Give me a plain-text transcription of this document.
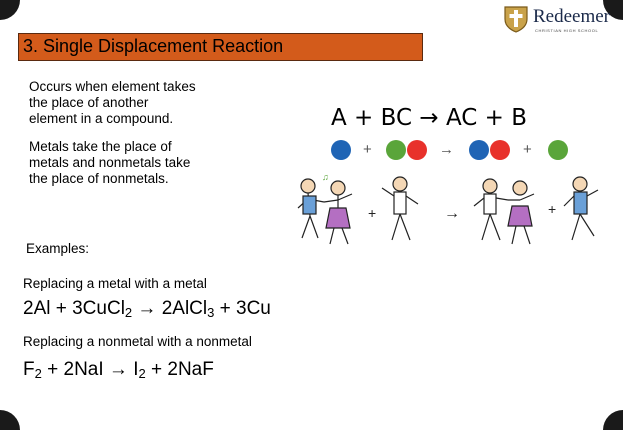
Redeemer
CHRISTIAN HIGH SCHOOL
3. Single Displacement Reaction
Occurs when element takes
the place of another
element in a compound.
Metals take the place of
metals and nonmetals take
the place of nonmetals.
A + BC → AC + B
+	→	+
♫
+	→	+
Examples:
Replacing a metal with a metal
2Al + 3CuCl$_2$ → 2AlCl$_3$ + 3Cu
Replacing a nonmetal with a nonmetal
$F_2 + 2NaI \to I_2 + 2NaF$
